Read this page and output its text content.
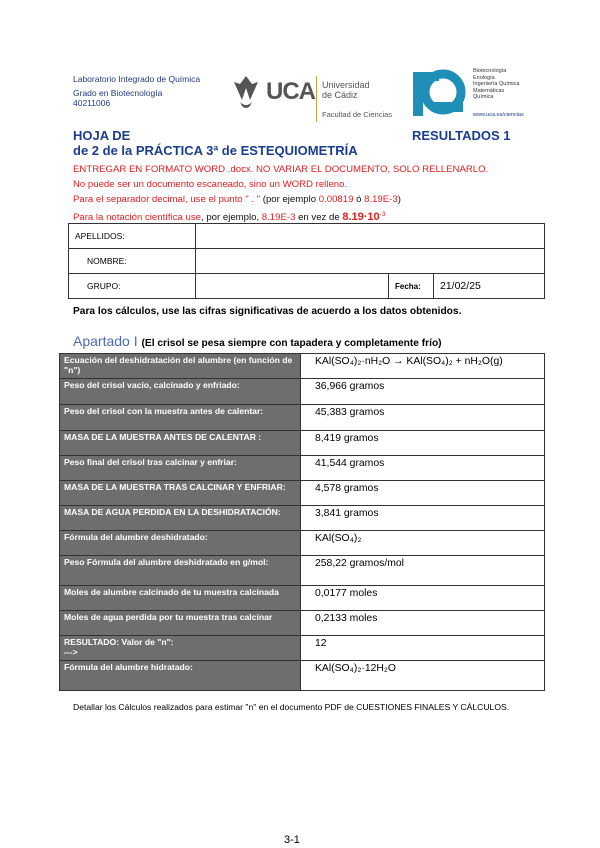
Laboratorio Integrado de Química
Grado en Biotecnología
40211006	UCA Universidad
de Cádiz
Facultad de Ciencias
Biotecnología
Enología
Ingeniería Química
Matemáticas
Química
www.uca.es/ciencias
HOJA DE
de 2 de la PRÁCTICA 3ª de ESTEQUIOMETRÍA
RESULTADOS 1
ENTREGAR EN FORMATO WORD .docx. NO VARIAR EL DOCUMENTO, SOLO RELLENARLO.
No puede ser un documento escaneado, sino un WORD relleno.
Para el separador decimal, use el punto " . " (por ejemplo 0.00819 ó 8.19E-3)
Para la notación científica use, por ejemplo, 8.19E-3 en vez de $8.19\cdot 10^{-3}$
APELLIDOS:			
NOMBRE:			
GRUPO:		Fecha:	21/02/25
Para los cálculos, use las cifras significativas de acuerdo a los datos obtenidos.
Apartado I (El crisol se pesa siempre con tapadera y completamente frío)
Ecuación del deshidratación del alumbre (en función de "n")	KAl(SO₄)₂·nH₂O → KAl(SO₄)₂ + nH₂O(g)
Peso del crisol vacío, calcinado y enfriado:	36,966 gramos
Peso del crisol con la muestra antes de calentar:	45,383 gramos
MASA DE LA MUESTRA ANTES DE CALENTAR :	8,419 gramos
Peso final del crisol tras calcinar y enfriar:	41,544 gramos
MASA DE LA MUESTRA TRAS CALCINAR Y ENFRIAR:	4,578 gramos
MASA DE AGUA PERDIDA EN LA DESHIDRATACIÓN:	3,841 gramos
Fórmula del alumbre deshidratado:	KAl(SO₄)₂
Peso Fórmula del alumbre deshidratado en g/mol:	258,22 gramos/mol
Moles de alumbre calcinado de tu muestra calcinada	0,0177 moles
Moles de agua perdida por tu muestra tras calcinar	0,2133 moles
RESULTADO: Valor de "n":
--->	12
Fórmula del alumbre hidratado:	KAl(SO₄)₂·12H₂O
Detallar los Cálculos realizados para estimar "n" en el documento PDF de CUESTIONES FINALES Y CÁLCULOS.
3-1
